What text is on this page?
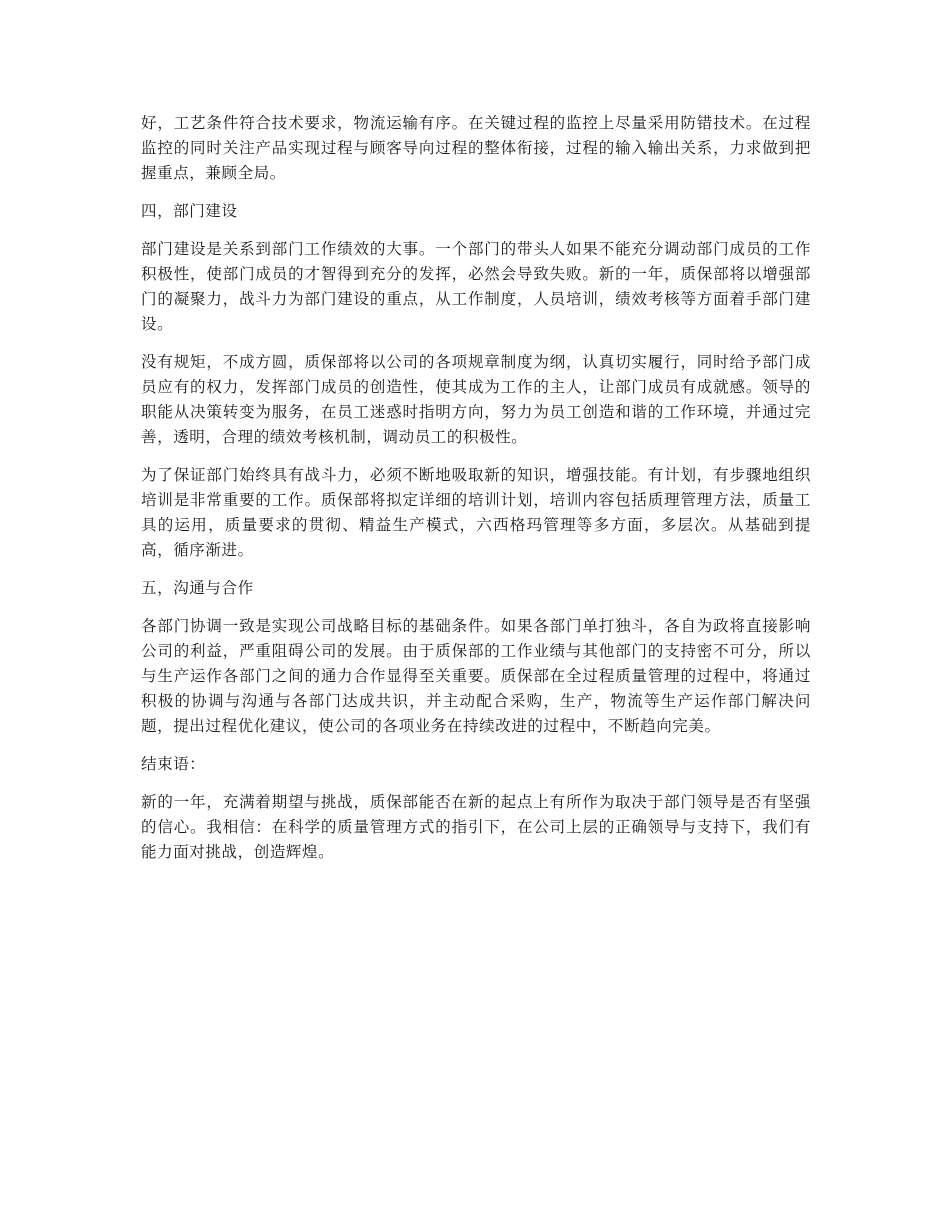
好，工艺条件符合技术要求，物流运输有序。在关键过程的监控上尽量采用防错技术。在过程监控的同时关注产品实现过程与顾客导向过程的整体衔接，过程的输入输出关系，力求做到把握重点，兼顾全局。

四，部门建设

部门建设是关系到部门工作绩效的大事。一个部门的带头人如果不能充分调动部门成员的工作积极性，使部门成员的才智得到充分的发挥，必然会导致失败。新的一年，质保部将以增强部门的凝聚力，战斗力为部门建设的重点，从工作制度，人员培训，绩效考核等方面着手部门建设。

没有规矩，不成方圆，质保部将以公司的各项规章制度为纲，认真切实履行，同时给予部门成员应有的权力，发挥部门成员的创造性，使其成为工作的主人，让部门成员有成就感。领导的职能从决策转变为服务，在员工迷惑时指明方向，努力为员工创造和谐的工作环境，并通过完善，透明，合理的绩效考核机制，调动员工的积极性。

为了保证部门始终具有战斗力，必须不断地吸取新的知识，增强技能。有计划，有步骤地组织培训是非常重要的工作。质保部将拟定详细的培训计划，培训内容包括质理管理方法，质量工具的运用，质量要求的贯彻、精益生产模式，六西格玛管理等多方面，多层次。从基础到提高，循序渐进。

五，沟通与合作

各部门协调一致是实现公司战略目标的基础条件。如果各部门单打独斗，各自为政将直接影响公司的利益，严重阻碍公司的发展。由于质保部的工作业绩与其他部门的支持密不可分，所以与生产运作各部门之间的通力合作显得至关重要。质保部在全过程质量管理的过程中，将通过积极的协调与沟通与各部门达成共识，并主动配合采购，生产，物流等生产运作部门解决问题，提出过程优化建议，使公司的各项业务在持续改进的过程中，不断趋向完美。

结束语：

新的一年，充满着期望与挑战，质保部能否在新的起点上有所作为取决于部门领导是否有坚强的信心。我相信：在科学的质量管理方式的指引下，在公司上层的正确领导与支持下，我们有能力面对挑战，创造辉煌。
